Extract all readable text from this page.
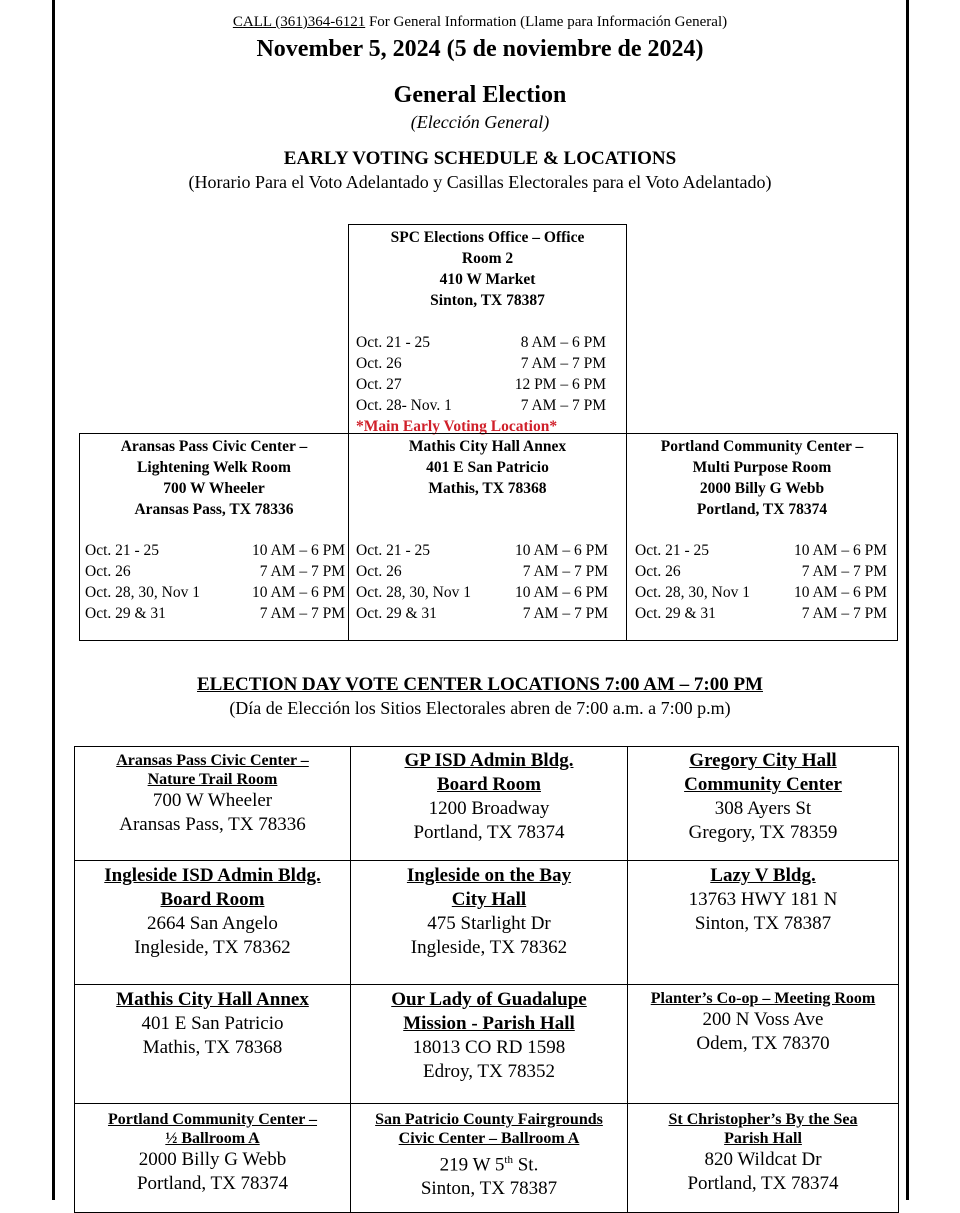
CALL (361)364-6121 For General Information (Llame para Información General)
November 5, 2024 (5 de noviembre de 2024)
General Election
(Elección General)
EARLY VOTING SCHEDULE & LOCATIONS
(Horario Para el Voto Adelantado y Casillas Electorales para el Voto Adelantado)
SPC Elections Office – Office
Room 2
410 W Market
Sinton, TX 78387
Oct. 21 - 25	8 AM – 6 PM
Oct. 26	7 AM – 7 PM
Oct. 27	12 PM – 6 PM
Oct. 28- Nov. 1	7 AM – 7 PM
*Main Early Voting Location*
Aransas Pass Civic Center –
Lightening Welk Room
700 W Wheeler
Aransas Pass, TX 78336
Oct. 21 - 25	10 AM – 6 PM
Oct. 26	7 AM – 7 PM
Oct. 28, 30, Nov 1	10 AM – 6 PM
Oct. 29 & 31	7 AM – 7 PM
Mathis City Hall Annex
401 E San Patricio
Mathis, TX 78368
Oct. 21 - 25	10 AM – 6 PM
Oct. 26	7 AM – 7 PM
Oct. 28, 30, Nov 1	10 AM – 6 PM
Oct. 29 & 31	7 AM – 7 PM
Portland Community Center –
Multi Purpose Room
2000 Billy G Webb
Portland, TX 78374
Oct. 21 - 25	10 AM – 6 PM
Oct. 26	7 AM – 7 PM
Oct. 28, 30, Nov 1	10 AM – 6 PM
Oct. 29 & 31	7 AM – 7 PM
ELECTION DAY VOTE CENTER LOCATIONS 7:00 AM – 7:00 PM
(Día de Elección los Sitios Electorales abren de 7:00 a.m. a 7:00 p.m)
Aransas Pass Civic Center –
Nature Trail Room
700 W Wheeler
Aransas Pass, TX 78336
GP ISD Admin Bldg.
Board Room
1200 Broadway
Portland, TX 78374
Gregory City Hall
Community Center
308 Ayers St
Gregory, TX 78359
Ingleside ISD Admin Bldg.
Board Room
2664 San Angelo
Ingleside, TX 78362
Ingleside on the Bay
City Hall
475 Starlight Dr
Ingleside, TX 78362
Lazy V Bldg.
13763 HWY 181 N
Sinton, TX 78387
Mathis City Hall Annex
401 E San Patricio
Mathis, TX 78368
Our Lady of Guadalupe
Mission - Parish Hall
18013 CO RD 1598
Edroy, TX 78352
Planter’s Co-op – Meeting Room
200 N Voss Ave
Odem, TX 78370
Portland Community Center –
½ Ballroom A
2000 Billy G Webb
Portland, TX 78374
San Patricio County Fairgrounds
Civic Center – Ballroom A
219 W 5th St.
Sinton, TX 78387
St Christopher’s By the Sea
Parish Hall
820 Wildcat Dr
Portland, TX 78374
